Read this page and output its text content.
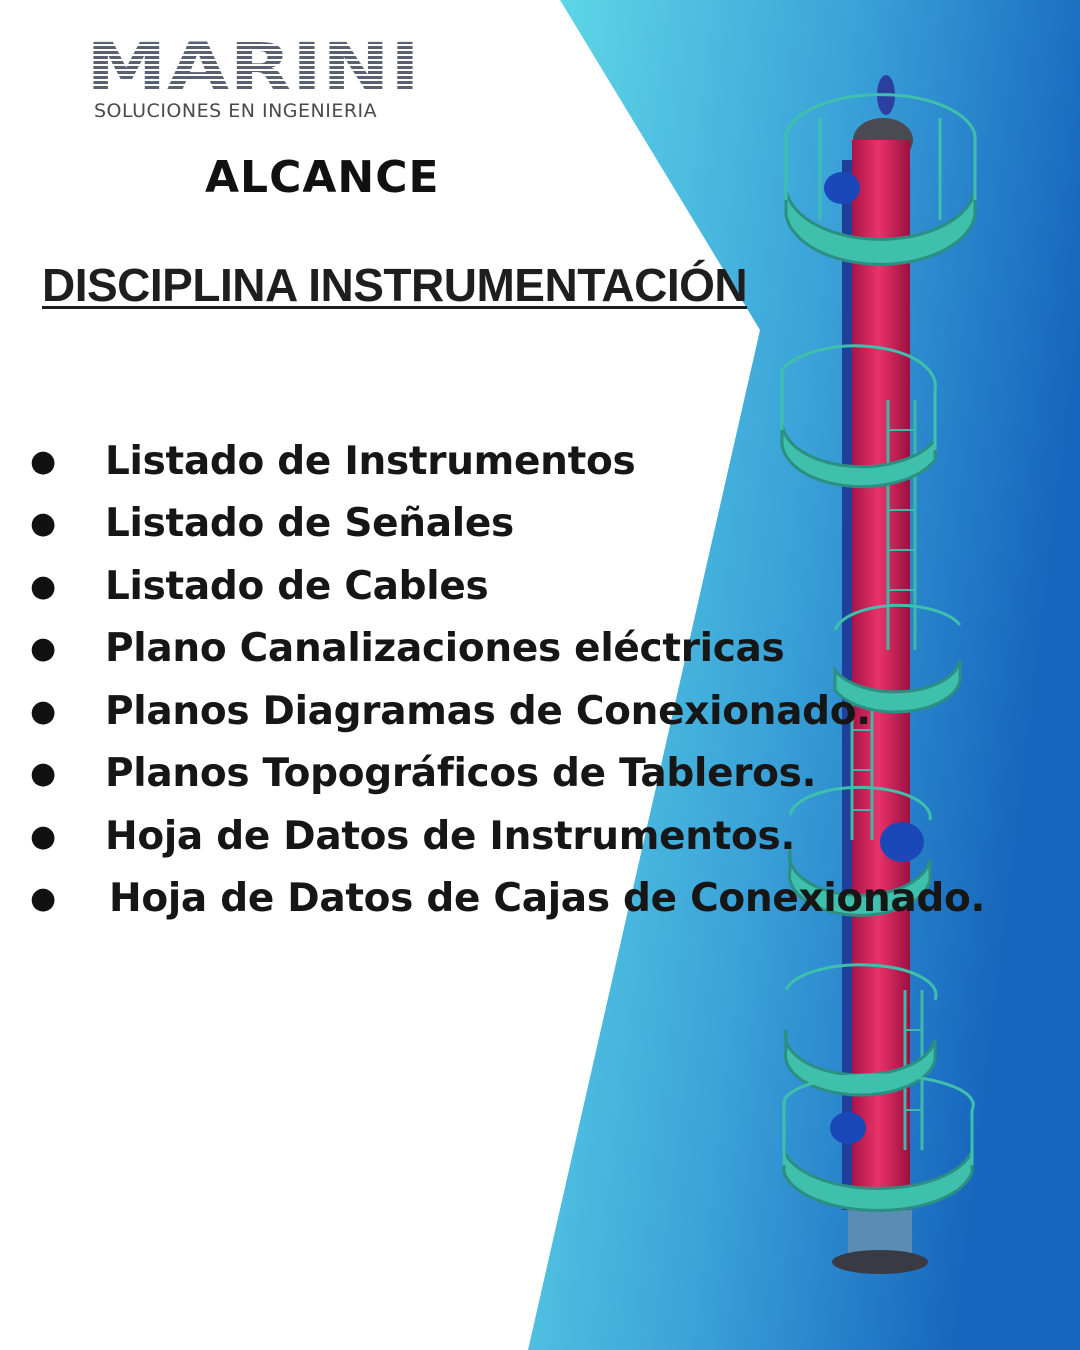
MARINI
SOLUCIONES EN INGENIERIA
ALCANCE
DISCIPLINA INSTRUMENTACIÓN
●	Listado de Instrumentos
●	Listado de Señales
●	Listado de Cables
●	Plano Canalizaciones eléctricas
●	Planos Diagramas de Conexionado.
●	Planos Topográficos de Tableros.
●	Hoja de Datos de Instrumentos.
●	Hoja de Datos de Cajas de Conexionado.
